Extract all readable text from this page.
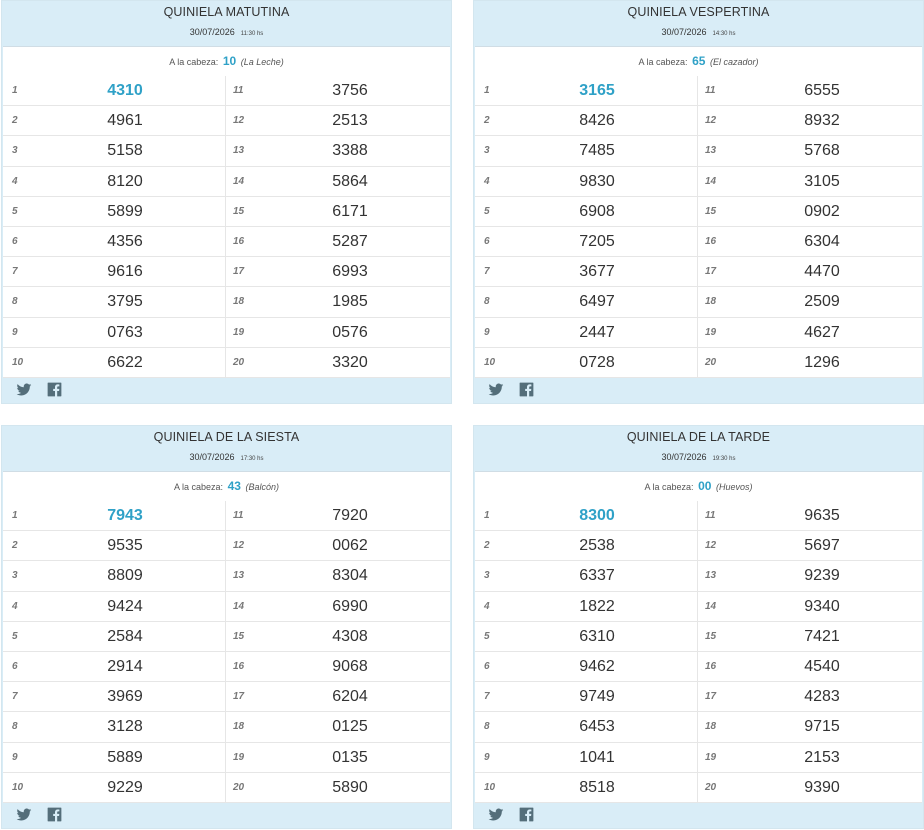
QUINIELA MATUTINA
30/07/2026 11:30 hs
A la cabeza: 10 (La Leche)
1	4310	11	3756
2	4961	12	2513
3	5158	13	3388
4	8120	14	5864
5	5899	15	6171
6	4356	16	5287
7	9616	17	6993
8	3795	18	1985
9	0763	19	0576
10	6622	20	3320
QUINIELA VESPERTINA
30/07/2026 14:30 hs
A la cabeza: 65 (El cazador)
1	3165	11	6555
2	8426	12	8932
3	7485	13	5768
4	9830	14	3105
5	6908	15	0902
6	7205	16	6304
7	3677	17	4470
8	6497	18	2509
9	2447	19	4627
10	0728	20	1296
QUINIELA DE LA SIESTA
30/07/2026 17:30 hs
A la cabeza: 43 (Balcón)
1	7943	11	7920
2	9535	12	0062
3	8809	13	8304
4	9424	14	6990
5	2584	15	4308
6	2914	16	9068
7	3969	17	6204
8	3128	18	0125
9	5889	19	0135
10	9229	20	5890
QUINIELA DE LA TARDE
30/07/2026 19:30 hs
A la cabeza: 00 (Huevos)
1	8300	11	9635
2	2538	12	5697
3	6337	13	9239
4	1822	14	9340
5	6310	15	7421
6	9462	16	4540
7	9749	17	4283
8	6453	18	9715
9	1041	19	2153
10	8518	20	9390
